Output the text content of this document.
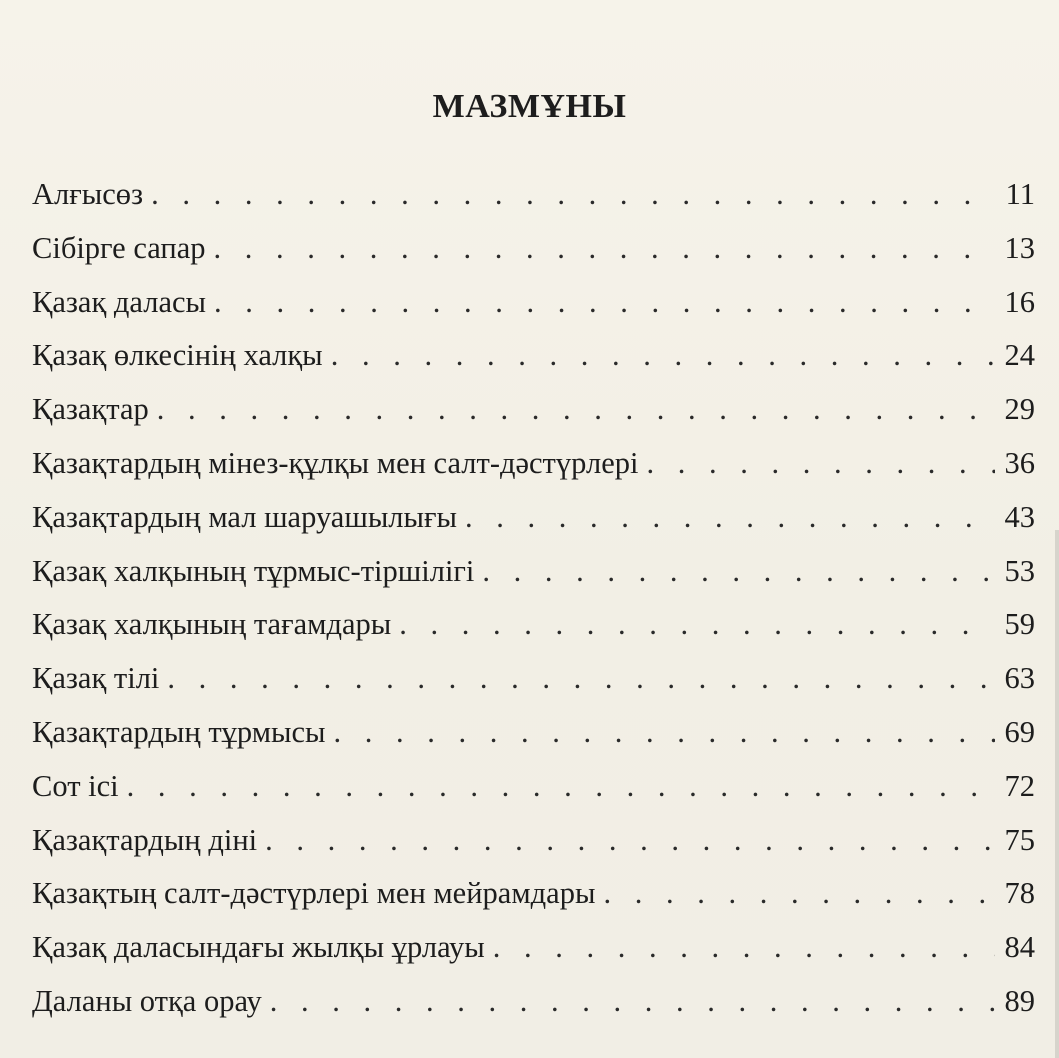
МАЗМҰНЫ
Алғысөз . . .	11
Сібірге сапар . . .	13
Қазақ даласы . . .	16
Қазақ өлкесінің халқы . . .	24
Қазақтар . . .	29
Қазақтардың мінез-құлқы мен салт-дәстүрлері . . .	36
Қазақтардың мал шаруашылығы . . .	43
Қазақ халқының тұрмыс-тіршілігі . . .	53
Қазақ халқының тағамдары . . .	59
Қазақ тілі . . .	63
Қазақтардың тұрмысы . . .	69
Сот ісі . . .	72
Қазақтардың діні . . .	75
Қазақтың салт-дәстүрлері мен мейрамдары . . .	78
Қазақ даласындағы жылқы ұрлауы . . .	84
Даланы отқа орау . . .	89
